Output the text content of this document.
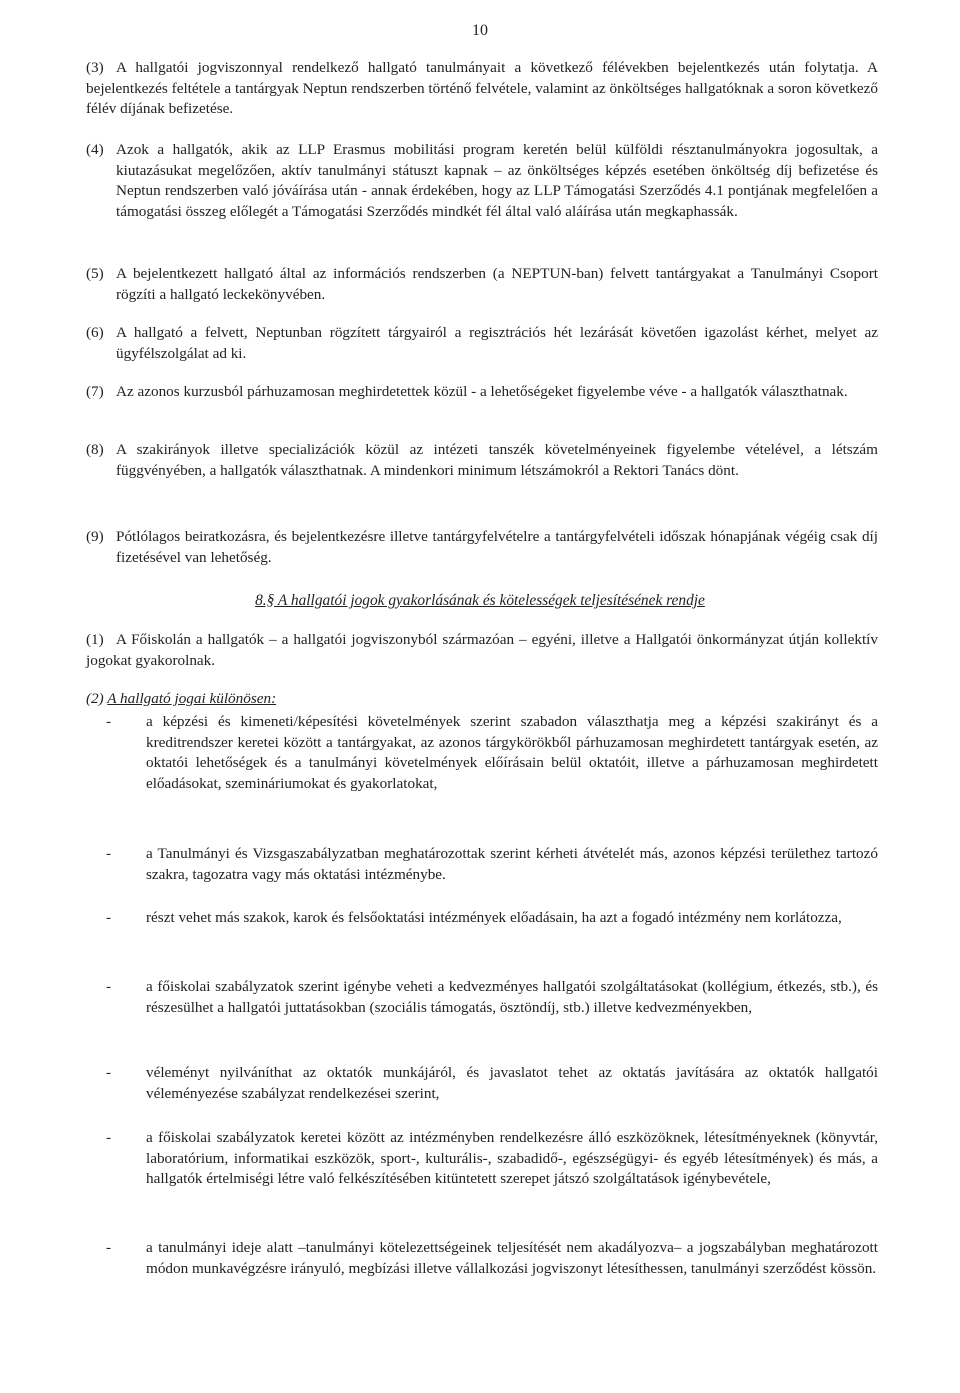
10

(3) A hallgatói jogviszonnyal rendelkező hallgató tanulmányait a következő félévekben bejelentkezés után folytatja. A bejelentkezés feltétele a tantárgyak Neptun rendszerben történő felvétele, valamint az önköltséges hallgatóknak a soron következő félév díjának befizetése.

(4) Azok a hallgatók, akik az LLP Erasmus mobilitási program keretén belül külföldi résztanulmányokra jogosultak, a kiutazásukat megelőzően, aktív tanulmányi státuszt kapnak – az önköltséges képzés esetében önköltség díj befizetése és Neptun rendszerben való jóváírása után - annak érdekében, hogy az LLP Támogatási Szerződés 4.1 pontjának megfelelően a támogatási összeg előlegét a Támogatási Szerződés mindkét fél által való aláírása után megkaphassák.

(5) A bejelentkezett hallgató által az információs rendszerben (a NEPTUN-ban) felvett tantárgyakat a Tanulmányi Csoport rögzíti a hallgató leckekönyvében.

(6) A hallgató a felvett, Neptunban rögzített tárgyairól a regisztrációs hét lezárását követően igazolást kérhet, melyet az ügyfélszolgálat ad ki.

(7) Az azonos kurzusból párhuzamosan meghirdetettek közül - a lehetőségeket figyelembe véve - a hallgatók választhatnak.

(8) A szakirányok illetve specializációk közül az intézeti tanszék követelményeinek figyelembe vételével, a létszám függvényében, a hallgatók választhatnak. A mindenkori minimum létszámokról a Rektori Tanács dönt.

(9) Pótlólagos beiratkozásra, és bejelentkezésre illetve tantárgyfelvételre a tantárgyfelvételi időszak hónapjának végéig csak díj fizetésével van lehetőség.

8.§ A hallgatói jogok gyakorlásának és kötelességek teljesítésének rendje

(1) A Főiskolán a hallgatók – a hallgatói jogviszonyból származóan – egyéni, illetve a Hallgatói önkormányzat útján kollektív jogokat gyakorolnak.

(2) A hallgató jogai különösen:
- a képzési és kimeneti/képesítési követelmények szerint szabadon választhatja meg a képzési szakirányt és a kreditrendszer keretei között a tantárgyakat, az azonos tárgykörökből párhuzamosan meghirdetett tantárgyak esetén, az oktatói lehetőségek és a tanulmányi követelmények előírásain belül oktatóit, illetve a párhuzamosan meghirdetett előadásokat, szemináriumokat és gyakorlatokat,
- a Tanulmányi és Vizsgaszabályzatban meghatározottak szerint kérheti átvételét más, azonos képzési területhez tartozó szakra, tagozatra vagy más oktatási intézménybe.
- részt vehet más szakok, karok és felsőoktatási intézmények előadásain, ha azt a fogadó intézmény nem korlátozza,
- a főiskolai szabályzatok szerint igénybe veheti a kedvezményes hallgatói szolgáltatásokat (kollégium, étkezés, stb.), és részesülhet a hallgatói juttatásokban (szociális támogatás, ösztöndíj, stb.) illetve kedvezményekben,
- véleményt nyilváníthat az oktatók munkájáról, és javaslatot tehet az oktatás javítására az oktatók hallgatói véleményezése szabályzat rendelkezései szerint,
- a főiskolai szabályzatok keretei között az intézményben rendelkezésre álló eszközöknek, létesítményeknek (könyvtár, laboratórium, informatikai eszközök, sport-, kulturális-, szabadidő-, egészségügyi- és egyéb létesítmények) és más, a hallgatók értelmiségi létre való felkészítésében kitüntetett szerepet játszó szolgáltatások igénybevétele,
- a tanulmányi ideje alatt –tanulmányi kötelezettségeinek teljesítését nem akadályozva– a jogszabályban meghatározott módon munkavégzésre irányuló, megbízási illetve vállalkozási jogviszonyt létesíthessen, tanulmányi szerződést kössön.
